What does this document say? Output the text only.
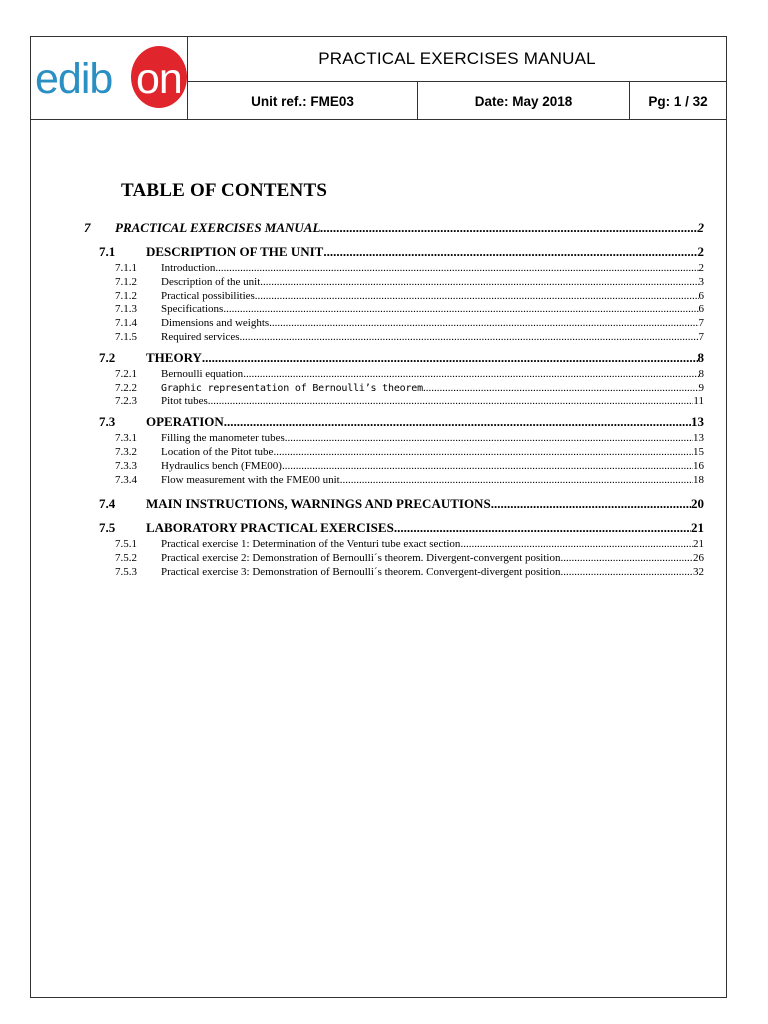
edib on	PRACTICAL EXERCISES MANUAL
Unit ref.: FME03	Date: May 2018	Pg: 1 / 32
TABLE OF CONTENTS
7	PRACTICAL EXERCISES MANUAL .....	2
7.1	DESCRIPTION OF THE UNIT .....	2
7.1.1	Introduction .....	2
7.1.2	Description of the unit .....	3
7.1.2	Practical possibilities .....	6
7.1.3	Specifications .....	6
7.1.4	Dimensions and weights .....	7
7.1.5	Required services .....	7
7.2	THEORY .....	8
7.2.1	Bernoulli equation .....	8
7.2.2	Graphic representation of Bernoulli’s theorem .....	9
7.2.3	Pitot tubes .....	11
7.3	OPERATION .....	13
7.3.1	Filling the manometer tubes .....	13
7.3.2	Location of the Pitot tube .....	15
7.3.3	Hydraulics bench (FME00) .....	16
7.3.4	Flow measurement with the FME00 unit .....	18
7.4	MAIN INSTRUCTIONS, WARNINGS AND PRECAUTIONS .....	20
7.5	LABORATORY PRACTICAL EXERCISES .....	21
7.5.1	Practical exercise 1: Determination of the Venturi tube exact section .....	21
7.5.2	Practical exercise 2: Demonstration of Bernoulli´s theorem. Divergent-convergent position .....	26
7.5.3	Practical exercise 3: Demonstration of Bernoulli´s theorem. Convergent-divergent position .....	32
